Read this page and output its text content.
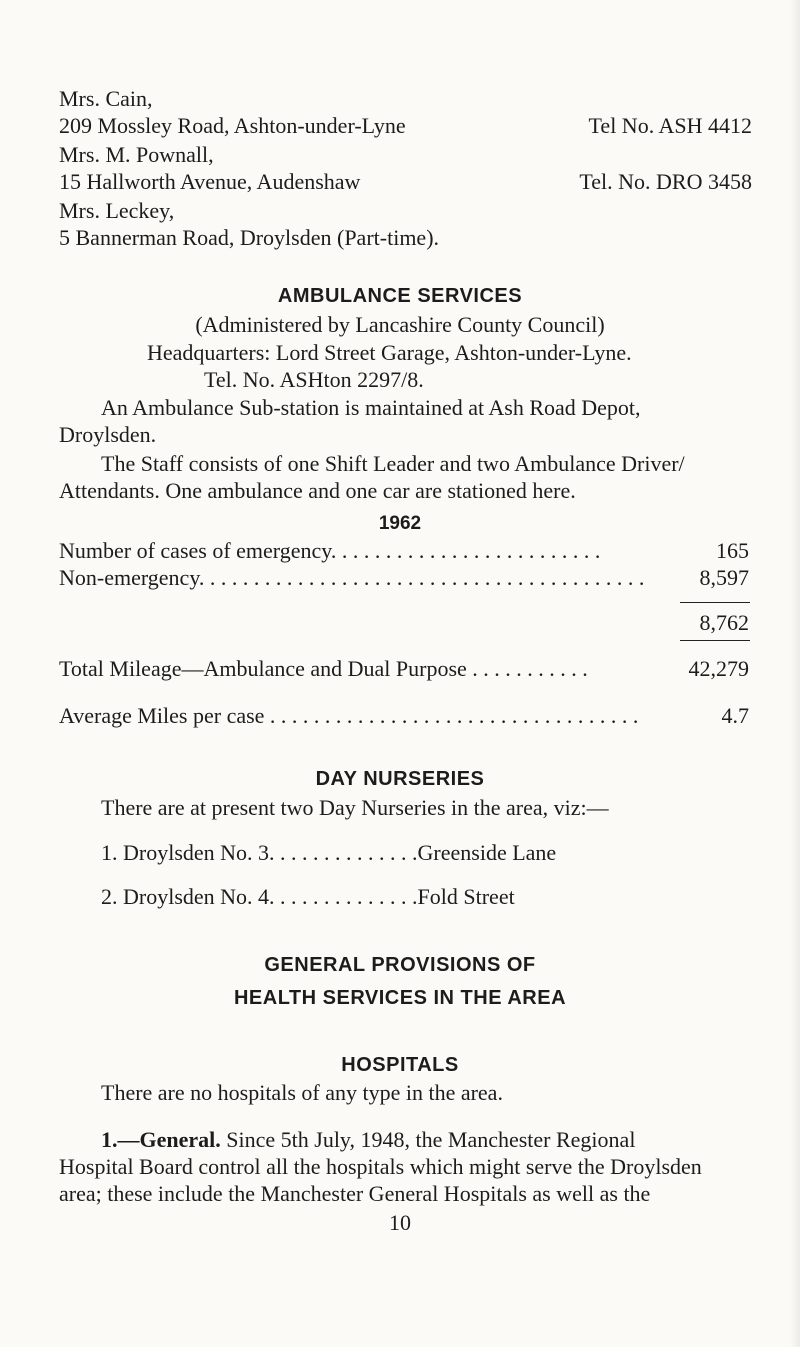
Mrs. Cain,
209 Mossley Road, Ashton-under-Lyne	Tel No. ASH 4412
Mrs. M. Pownall,
15 Hallworth Avenue, Audenshaw	Tel. No. DRO 3458
Mrs. Leckey,
5 Bannerman Road, Droylsden (Part-time).
AMBULANCE SERVICES
(Administered by Lancashire County Council)
Headquarters: Lord Street Garage, Ashton-under-Lyne.
Tel. No. ASHton 2297/8.
An Ambulance Sub-station is maintained at Ash Road Depot,
Droylsden.
The Staff consists of one Shift Leader and two Ambulance Driver/
Attendants. One ambulance and one car are stationed here.
1962
Number of cases of emergency. . . . . . . . . . . . . . . . . . . . . . . . .	165
Non-emergency. . . . . . . . . . . . . . . . . . . . . . . . . . . . . . . . . . . . . . . . .	8,597
8,762
Total Mileage—Ambulance and Dual Purpose . . . . . . . . . . .	42,279
Average Miles per case . . . . . . . . . . . . . . . . . . . . . . . . . . . . . . . . . .	4.7
DAY NURSERIES
There are at present two Day Nurseries in the area, viz:—
1. Droylsden No. 3. . . . . . . . . . . . . .Greenside Lane
2. Droylsden No. 4. . . . . . . . . . . . . .Fold Street
GENERAL PROVISIONS OF
HEALTH SERVICES IN THE AREA
HOSPITALS
There are no hospitals of any type in the area.
1.—General. Since 5th July, 1948, the Manchester Regional
Hospital Board control all the hospitals which might serve the Droylsden
area; these include the Manchester General Hospitals as well as the
10
